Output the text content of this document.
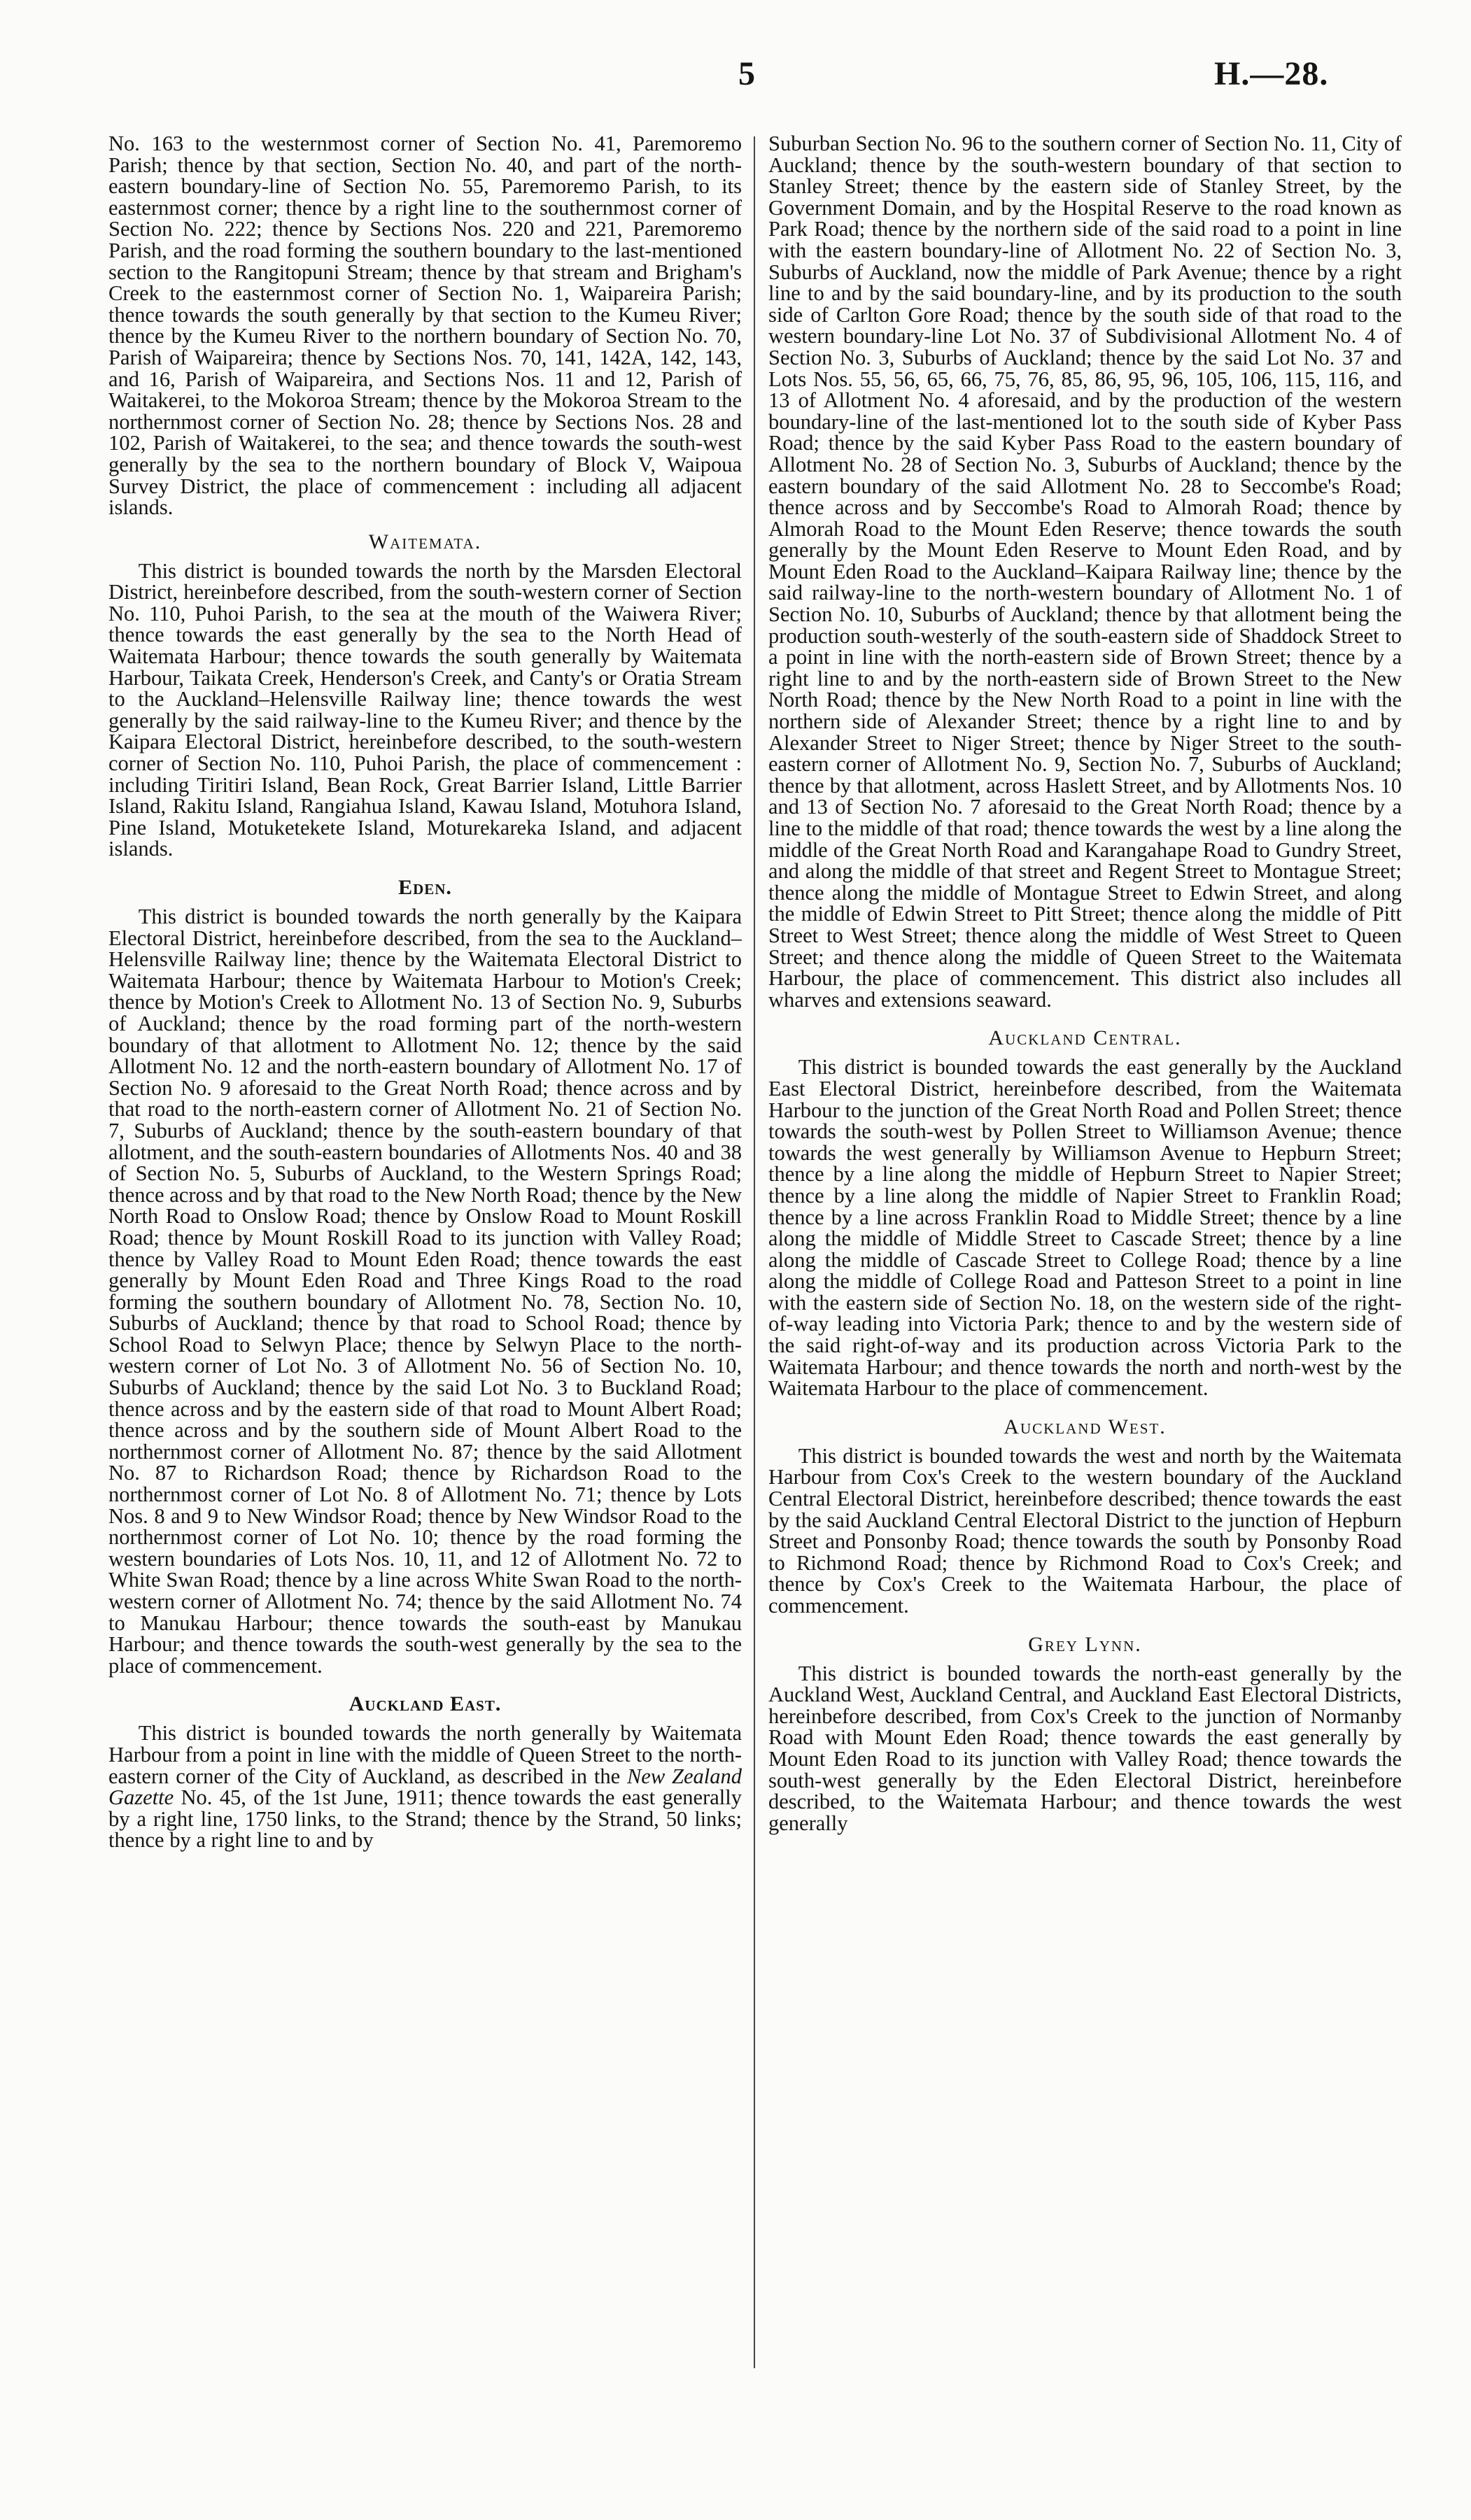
5	H.—28.

No. 163 to the westernmost corner of Section No. 41, Paremoremo Parish; thence by that section, Section No. 40, and part of the north-eastern boundary-line of Section No. 55, Paremoremo Parish, to its easternmost corner; thence by a right line to the southernmost corner of Section No. 222; thence by Sections Nos. 220 and 221, Paremoremo Parish, and the road forming the southern boundary to the last-mentioned section to the Rangitopuni Stream; thence by that stream and Brigham's Creek to the easternmost corner of Section No. 1, Waipareira Parish; thence towards the south generally by that section to the Kumeu River; thence by the Kumeu River to the northern boundary of Section No. 70, Parish of Waipareira; thence by Sections Nos. 70, 141, 142A, 142, 143, and 16, Parish of Waipareira, and Sections Nos. 11 and 12, Parish of Waitakerei, to the Mokoroa Stream; thence by the Mokoroa Stream to the northernmost corner of Section No. 28; thence by Sections Nos. 28 and 102, Parish of Waitakerei, to the sea; and thence towards the south-west generally by the sea to the northern boundary of Block V, Waipoua Survey District, the place of commencement : including all adjacent islands.

Waitemata.

This district is bounded towards the north by the Marsden Electoral District, hereinbefore described, from the south-western corner of Section No. 110, Puhoi Parish, to the sea at the mouth of the Waiwera River; thence towards the east generally by the sea to the North Head of Waitemata Harbour; thence towards the south generally by Waitemata Harbour, Taikata Creek, Henderson's Creek, and Canty's or Oratia Stream to the Auckland–Helensville Railway line; thence towards the west generally by the said railway-line to the Kumeu River; and thence by the Kaipara Electoral District, hereinbefore described, to the south-western corner of Section No. 110, Puhoi Parish, the place of commencement : including Tiritiri Island, Bean Rock, Great Barrier Island, Little Barrier Island, Rakitu Island, Rangiahua Island, Kawau Island, Motuhora Island, Pine Island, Motuketekete Island, Moturekareka Island, and adjacent islands.

Eden.

This district is bounded towards the north generally by the Kaipara Electoral District, hereinbefore described, from the sea to the Auckland–Helensville Railway line; thence by the Waitemata Electoral District to Waitemata Harbour; thence by Waitemata Harbour to Motion's Creek; thence by Motion's Creek to Allotment No. 13 of Section No. 9, Suburbs of Auckland; thence by the road forming part of the north-western boundary of that allotment to Allotment No. 12; thence by the said Allotment No. 12 and the north-eastern boundary of Allotment No. 17 of Section No. 9 aforesaid to the Great North Road; thence across and by that road to the north-eastern corner of Allotment No. 21 of Section No. 7, Suburbs of Auckland; thence by the south-eastern boundary of that allotment, and the south-eastern boundaries of Allotments Nos. 40 and 38 of Section No. 5, Suburbs of Auckland, to the Western Springs Road; thence across and by that road to the New North Road; thence by the New North Road to Onslow Road; thence by Onslow Road to Mount Roskill Road; thence by Mount Roskill Road to its junction with Valley Road; thence by Valley Road to Mount Eden Road; thence towards the east generally by Mount Eden Road and Three Kings Road to the road forming the southern boundary of Allotment No. 78, Section No. 10, Suburbs of Auckland; thence by that road to School Road; thence by School Road to Selwyn Place; thence by Selwyn Place to the north-western corner of Lot No. 3 of Allotment No. 56 of Section No. 10, Suburbs of Auckland; thence by the said Lot No. 3 to Buckland Road; thence across and by the eastern side of that road to Mount Albert Road; thence across and by the southern side of Mount Albert Road to the northernmost corner of Allotment No. 87; thence by the said Allotment No. 87 to Richardson Road; thence by Richardson Road to the northernmost corner of Lot No. 8 of Allotment No. 71; thence by Lots Nos. 8 and 9 to New Windsor Road; thence by New Windsor Road to the northernmost corner of Lot No. 10; thence by the road forming the western boundaries of Lots Nos. 10, 11, and 12 of Allotment No. 72 to White Swan Road; thence by a line across White Swan Road to the north-western corner of Allotment No. 74; thence by the said Allotment No. 74 to Manukau Harbour; thence towards the south-east by Manukau Harbour; and thence towards the south-west generally by the sea to the place of commencement.

Auckland East.

This district is bounded towards the north generally by Waitemata Harbour from a point in line with the middle of Queen Street to the north-eastern corner of the City of Auckland, as described in the New Zealand Gazette No. 45, of the 1st June, 1911; thence towards the east generally by a right line, 1750 links, to the Strand; thence by the Strand, 50 links; thence by a right line to and by

Suburban Section No. 96 to the southern corner of Section No. 11, City of Auckland; thence by the south-western boundary of that section to Stanley Street; thence by the eastern side of Stanley Street, by the Government Domain, and by the Hospital Reserve to the road known as Park Road; thence by the northern side of the said road to a point in line with the eastern boundary-line of Allotment No. 22 of Section No. 3, Suburbs of Auckland, now the middle of Park Avenue; thence by a right line to and by the said boundary-line, and by its production to the south side of Carlton Gore Road; thence by the south side of that road to the western boundary-line Lot No. 37 of Subdivisional Allotment No. 4 of Section No. 3, Suburbs of Auckland; thence by the said Lot No. 37 and Lots Nos. 55, 56, 65, 66, 75, 76, 85, 86, 95, 96, 105, 106, 115, 116, and 13 of Allotment No. 4 aforesaid, and by the production of the western boundary-line of the last-mentioned lot to the south side of Kyber Pass Road; thence by the said Kyber Pass Road to the eastern boundary of Allotment No. 28 of Section No. 3, Suburbs of Auckland; thence by the eastern boundary of the said Allotment No. 28 to Seccombe's Road; thence across and by Seccombe's Road to Almorah Road; thence by Almorah Road to the Mount Eden Reserve; thence towards the south generally by the Mount Eden Reserve to Mount Eden Road, and by Mount Eden Road to the Auckland–Kaipara Railway line; thence by the said railway-line to the north-western boundary of Allotment No. 1 of Section No. 10, Suburbs of Auckland; thence by that allotment being the production south-westerly of the south-eastern side of Shaddock Street to a point in line with the north-eastern side of Brown Street; thence by a right line to and by the north-eastern side of Brown Street to the New North Road; thence by the New North Road to a point in line with the northern side of Alexander Street; thence by a right line to and by Alexander Street to Niger Street; thence by Niger Street to the south-eastern corner of Allotment No. 9, Section No. 7, Suburbs of Auckland; thence by that allotment, across Haslett Street, and by Allotments Nos. 10 and 13 of Section No. 7 aforesaid to the Great North Road; thence by a line to the middle of that road; thence towards the west by a line along the middle of the Great North Road and Karangahape Road to Gundry Street, and along the middle of that street and Regent Street to Montague Street; thence along the middle of Montague Street to Edwin Street, and along the middle of Edwin Street to Pitt Street; thence along the middle of Pitt Street to West Street; thence along the middle of West Street to Queen Street; and thence along the middle of Queen Street to the Waitemata Harbour, the place of commencement. This district also includes all wharves and extensions seaward.

Auckland Central.

This district is bounded towards the east generally by the Auckland East Electoral District, hereinbefore described, from the Waitemata Harbour to the junction of the Great North Road and Pollen Street; thence towards the south-west by Pollen Street to Williamson Avenue; thence towards the west generally by Williamson Avenue to Hepburn Street; thence by a line along the middle of Hepburn Street to Napier Street; thence by a line along the middle of Napier Street to Franklin Road; thence by a line across Franklin Road to Middle Street; thence by a line along the middle of Middle Street to Cascade Street; thence by a line along the middle of Cascade Street to College Road; thence by a line along the middle of College Road and Patteson Street to a point in line with the eastern side of Section No. 18, on the western side of the right-of-way leading into Victoria Park; thence to and by the western side of the said right-of-way and its production across Victoria Park to the Waitemata Harbour; and thence towards the north and north-west by the Waitemata Harbour to the place of commencement.

Auckland West.

This district is bounded towards the west and north by the Waitemata Harbour from Cox's Creek to the western boundary of the Auckland Central Electoral District, hereinbefore described; thence towards the east by the said Auckland Central Electoral District to the junction of Hepburn Street and Ponsonby Road; thence towards the south by Ponsonby Road to Richmond Road; thence by Richmond Road to Cox's Creek; and thence by Cox's Creek to the Waitemata Harbour, the place of commencement.

Grey Lynn.

This district is bounded towards the north-east generally by the Auckland West, Auckland Central, and Auckland East Electoral Districts, hereinbefore described, from Cox's Creek to the junction of Normanby Road with Mount Eden Road; thence towards the east generally by Mount Eden Road to its junction with Valley Road; thence towards the south-west generally by the Eden Electoral District, hereinbefore described, to the Waitemata Harbour; and thence towards the west generally
